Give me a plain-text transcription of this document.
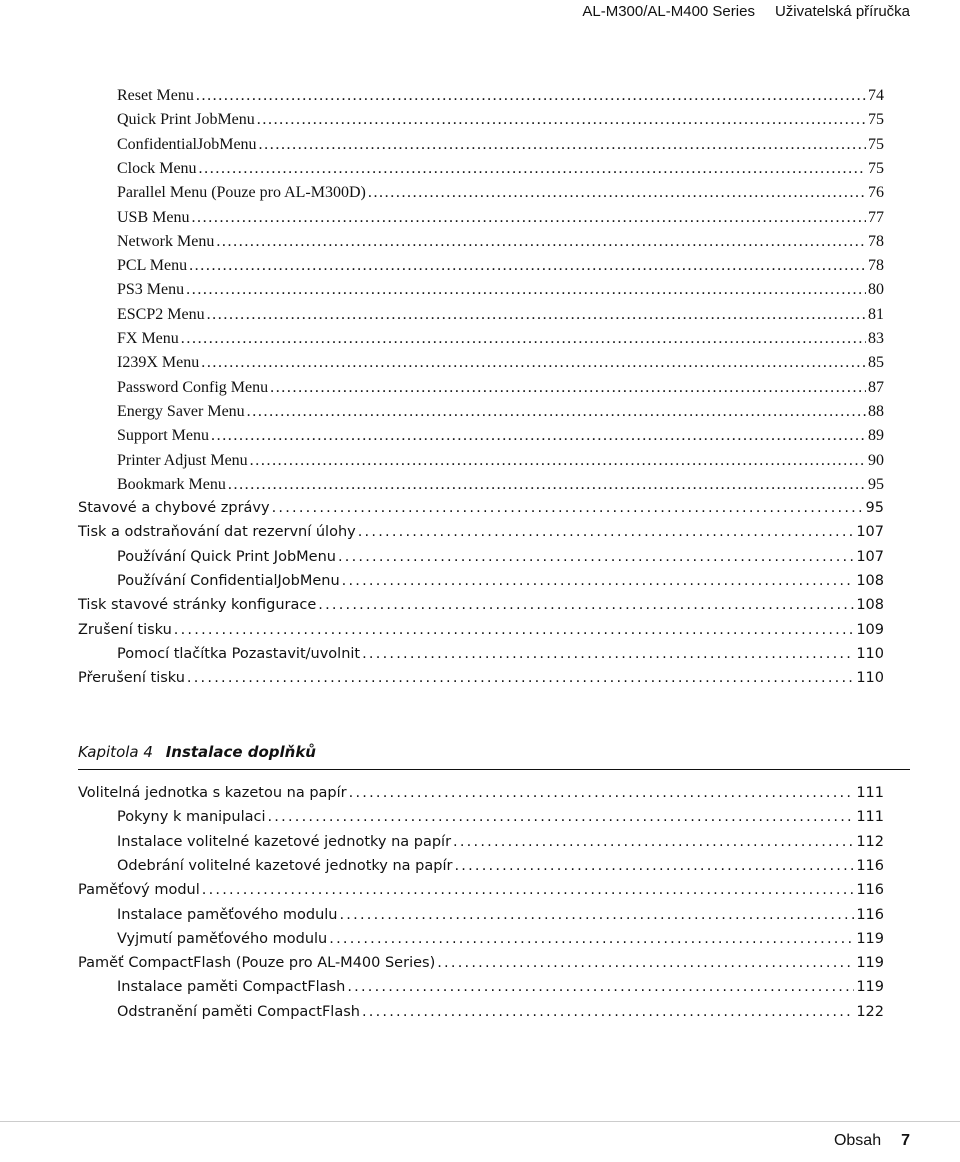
AL-M300/AL-M400 Series Uživatelská příručka
Reset Menu . . .	74
Quick Print JobMenu . . .	75
ConfidentialJobMenu . . .	75
Clock Menu . . .	75
Parallel Menu (Pouze pro AL-M300D) . . .	76
USB Menu . . .	77
Network Menu . . .	78
PCL Menu . . .	78
PS3 Menu . . .	80
ESCP2 Menu . . .	81
FX Menu . . .	83
I239X Menu . . .	85
Password Config Menu . . .	87
Energy Saver Menu . . .	88
Support Menu . . .	89
Printer Adjust Menu . . .	90
Bookmark Menu . . .	95
Stavové a chybové zprávy . . .	95
Tisk a odstraňování dat rezervní úlohy . . .	107
Používání Quick Print JobMenu . . .	107
Používání ConfidentialJobMenu . . .	108
Tisk stavové stránky konfigurace . . .	108
Zrušení tisku . . .	109
Pomocí tlačítka Pozastavit/uvolnit . . .	110
Přerušení tisku . . .	110
Kapitola 4 Instalace doplňků
Volitelná jednotka s kazetou na papír . . .	111
Pokyny k manipulaci . . .	111
Instalace volitelné kazetové jednotky na papír . . .	112
Odebrání volitelné kazetové jednotky na papír . . .	116
Paměťový modul . . .	116
Instalace paměťového modulu . . .	116
Vyjmutí paměťového modulu . . .	119
Paměť CompactFlash (Pouze pro AL-M400 Series) . . .	119
Instalace paměti CompactFlash . . .	119
Odstranění paměti CompactFlash . . .	122
Obsah 7
